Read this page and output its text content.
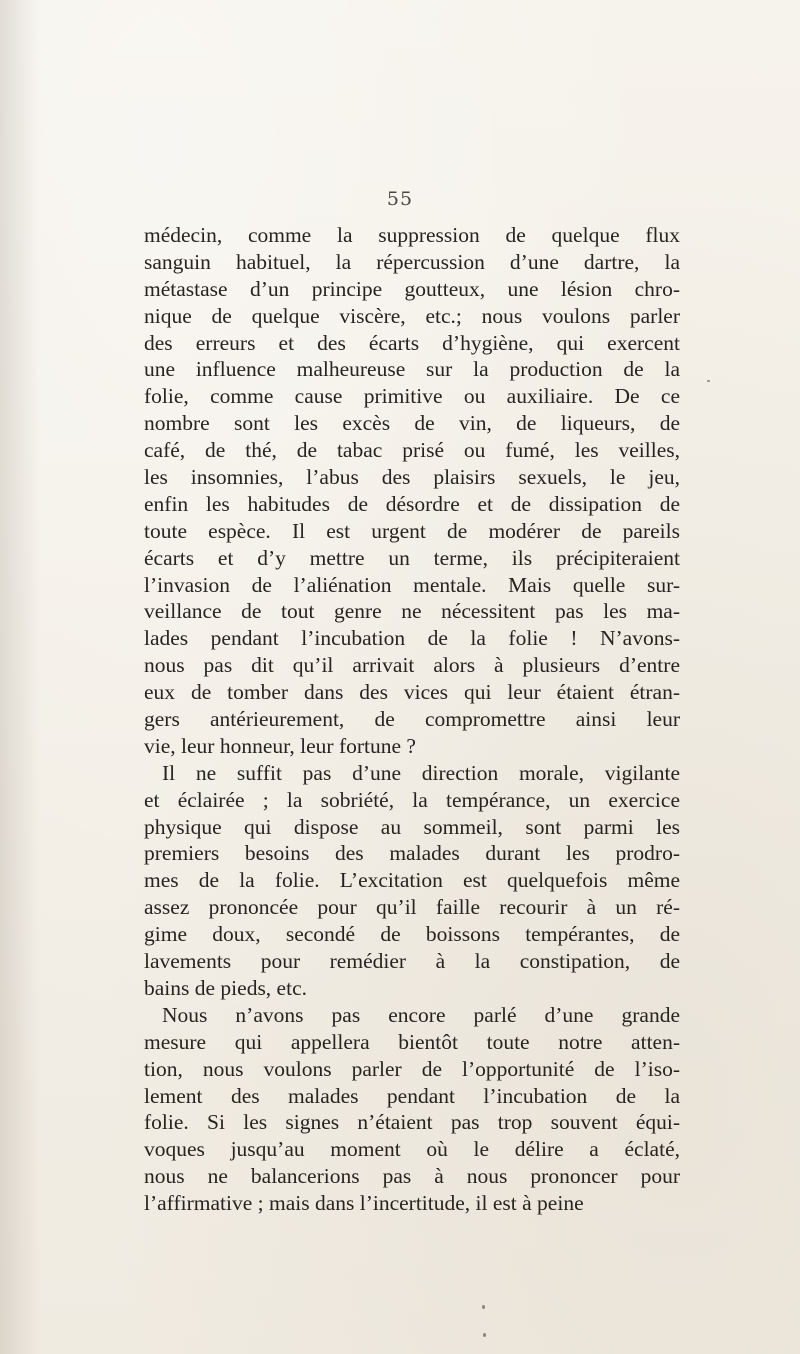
55
médecin, comme la suppression de quelque flux
sanguin habituel, la répercussion d’une dartre, la
métastase d’un principe goutteux, une lésion chro-
nique de quelque viscère, etc.; nous voulons parler
des erreurs et des écarts d’hygiène, qui exercent
une influence malheureuse sur la production de la
folie, comme cause primitive ou auxiliaire. De ce
nombre sont les excès de vin, de liqueurs, de
café, de thé, de tabac prisé ou fumé, les veilles,
les insomnies, l’abus des plaisirs sexuels, le jeu,
enfin les habitudes de désordre et de dissipation de
toute espèce. Il est urgent de modérer de pareils
écarts et d’y mettre un terme, ils précipiteraient
l’invasion de l’aliénation mentale. Mais quelle sur-
veillance de tout genre ne nécessitent pas les ma-
lades pendant l’incubation de la folie ! N’avons-
nous pas dit qu’il arrivait alors à plusieurs d’entre
eux de tomber dans des vices qui leur étaient étran-
gers antérieurement, de compromettre ainsi leur
vie, leur honneur, leur fortune ?
Il ne suffit pas d’une direction morale, vigilante
et éclairée ; la sobriété, la tempérance, un exercice
physique qui dispose au sommeil, sont parmi les
premiers besoins des malades durant les prodro-
mes de la folie. L’excitation est quelquefois même
assez prononcée pour qu’il faille recourir à un ré-
gime doux, secondé de boissons tempérantes, de
lavements pour remédier à la constipation, de
bains de pieds, etc.
Nous n’avons pas encore parlé d’une grande
mesure qui appellera bientôt toute notre atten-
tion, nous voulons parler de l’opportunité de l’iso-
lement des malades pendant l’incubation de la
folie. Si les signes n’étaient pas trop souvent équi-
voques jusqu’au moment où le délire a éclaté,
nous ne balancerions pas à nous prononcer pour
l’affirmative ; mais dans l’incertitude, il est à peine
